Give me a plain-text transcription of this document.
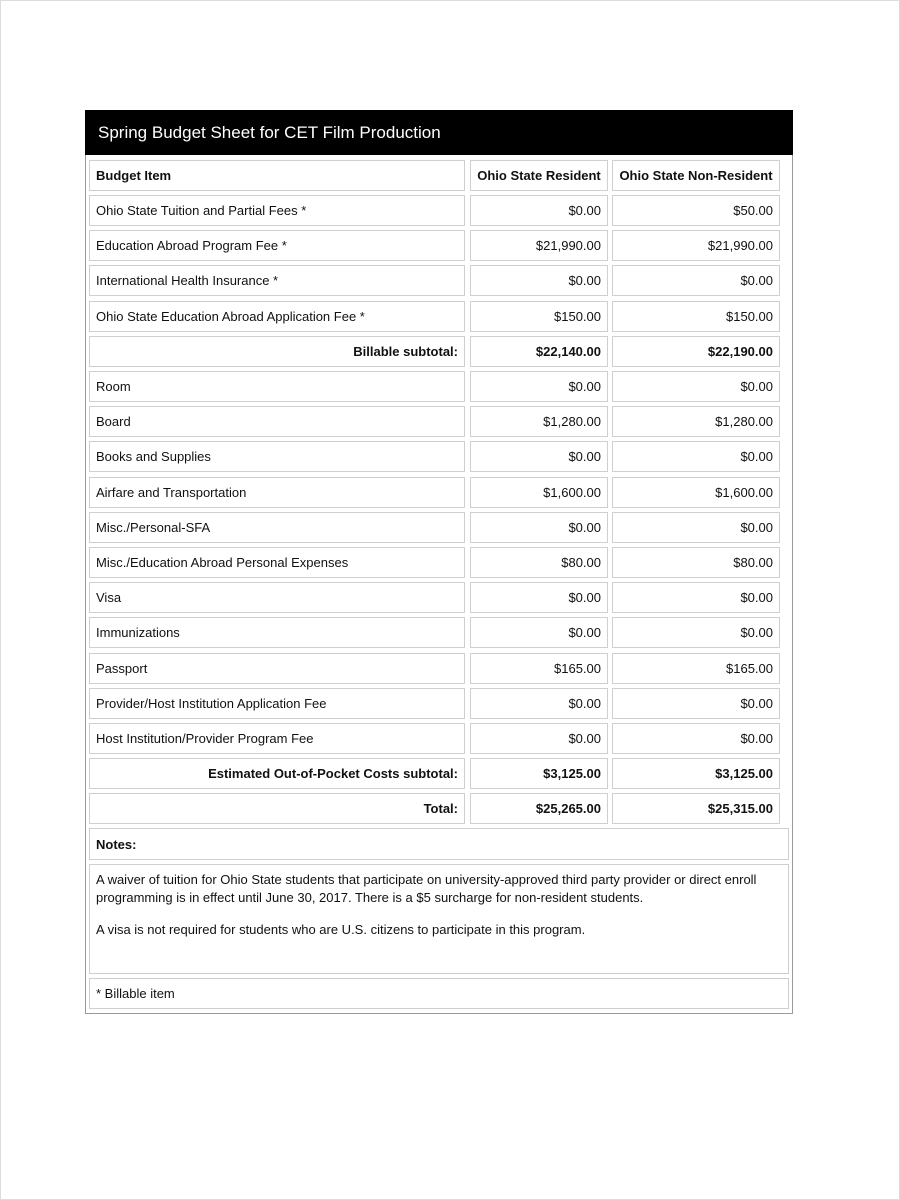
Spring Budget Sheet for CET Film Production
Budget Item	Ohio State Resident	Ohio State Non-Resident
Ohio State Tuition and Partial Fees *	$0.00	$50.00
Education Abroad Program Fee *	$21,990.00	$21,990.00
International Health Insurance *	$0.00	$0.00
Ohio State Education Abroad Application Fee *	$150.00	$150.00
Billable subtotal:	$22,140.00	$22,190.00
Room	$0.00	$0.00
Board	$1,280.00	$1,280.00
Books and Supplies	$0.00	$0.00
Airfare and Transportation	$1,600.00	$1,600.00
Misc./Personal-SFA	$0.00	$0.00
Misc./Education Abroad Personal Expenses	$80.00	$80.00
Visa	$0.00	$0.00
Immunizations	$0.00	$0.00
Passport	$165.00	$165.00
Provider/Host Institution Application Fee	$0.00	$0.00
Host Institution/Provider Program Fee	$0.00	$0.00
Estimated Out-of-Pocket Costs subtotal:	$3,125.00	$3,125.00
Total:	$25,265.00	$25,315.00
Notes:

A waiver of tuition for Ohio State students that participate on university-approved third party provider or direct enroll programming is in effect until June 30, 2017. There is a $5 surcharge for non-resident students.

A visa is not required for students who are U.S. citizens to participate in this program.

* Billable item
